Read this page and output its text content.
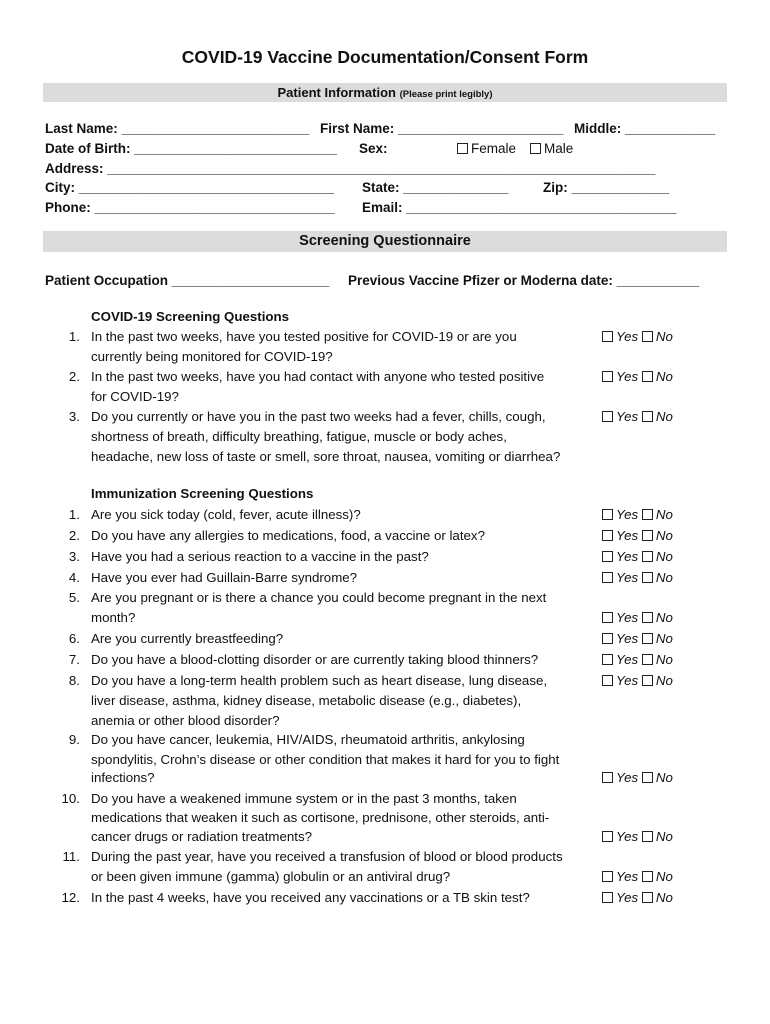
COVID-19 Vaccine Documentation/Consent Form
Patient Information (Please print legibly)
Last Name: _________________________ First Name: ______________________ Middle: ____________
Date of Birth: ___________________________ Sex:	Female	Male
Address: _________________________________________________________________________
City: __________________________________ State: ______________	Zip: _____________
Phone: ________________________________ Email: ____________________________________
Screening Questionnaire
Patient Occupation _____________________ Previous Vaccine Pfizer or Moderna date: ___________
COVID-19 Screening Questions
1. In the past two weeks, have you tested positive for COVID-19 or are you
currently being monitored for COVID-19?
Yes No
2. In the past two weeks, have you had contact with anyone who tested positive
for COVID-19?
Yes No
3. Do you currently or have you in the past two weeks had a fever, chills, cough,
shortness of breath, difficulty breathing, fatigue, muscle or body aches,
headache, new loss of taste or smell, sore throat, nausea, vomiting or diarrhea?
Yes No
Immunization Screening Questions
1. Are you sick today (cold, fever, acute illness)?	Yes No
2. Do you have any allergies to medications, food, a vaccine or latex?	Yes No
3. Have you had a serious reaction to a vaccine in the past?	Yes No
4. Have you ever had Guillain-Barre syndrome?	Yes No
5. Are you pregnant or is there a chance you could become pregnant in the next
month?	Yes No
6. Are you currently breastfeeding?	Yes No
7. Do you have a blood-clotting disorder or are currently taking blood thinners?	Yes No
8. Do you have a long-term health problem such as heart disease, lung disease,
liver disease, asthma, kidney disease, metabolic disease (e.g., diabetes),
anemia or other blood disorder?
Yes No
9. Do you have cancer, leukemia, HIV/AIDS, rheumatoid arthritis, ankylosing
spondylitis, Crohn’s disease or other condition that makes it hard for you to fight
infections?	Yes No
10. Do you have a weakened immune system or in the past 3 months, taken
medications that weaken it such as cortisone, prednisone, other steroids, anti-
cancer drugs or radiation treatments?	Yes No
11. During the past year, have you received a transfusion of blood or blood products
or been given immune (gamma) globulin or an antiviral drug?	Yes No
12. In the past 4 weeks, have you received any vaccinations or a TB skin test?	Yes No
